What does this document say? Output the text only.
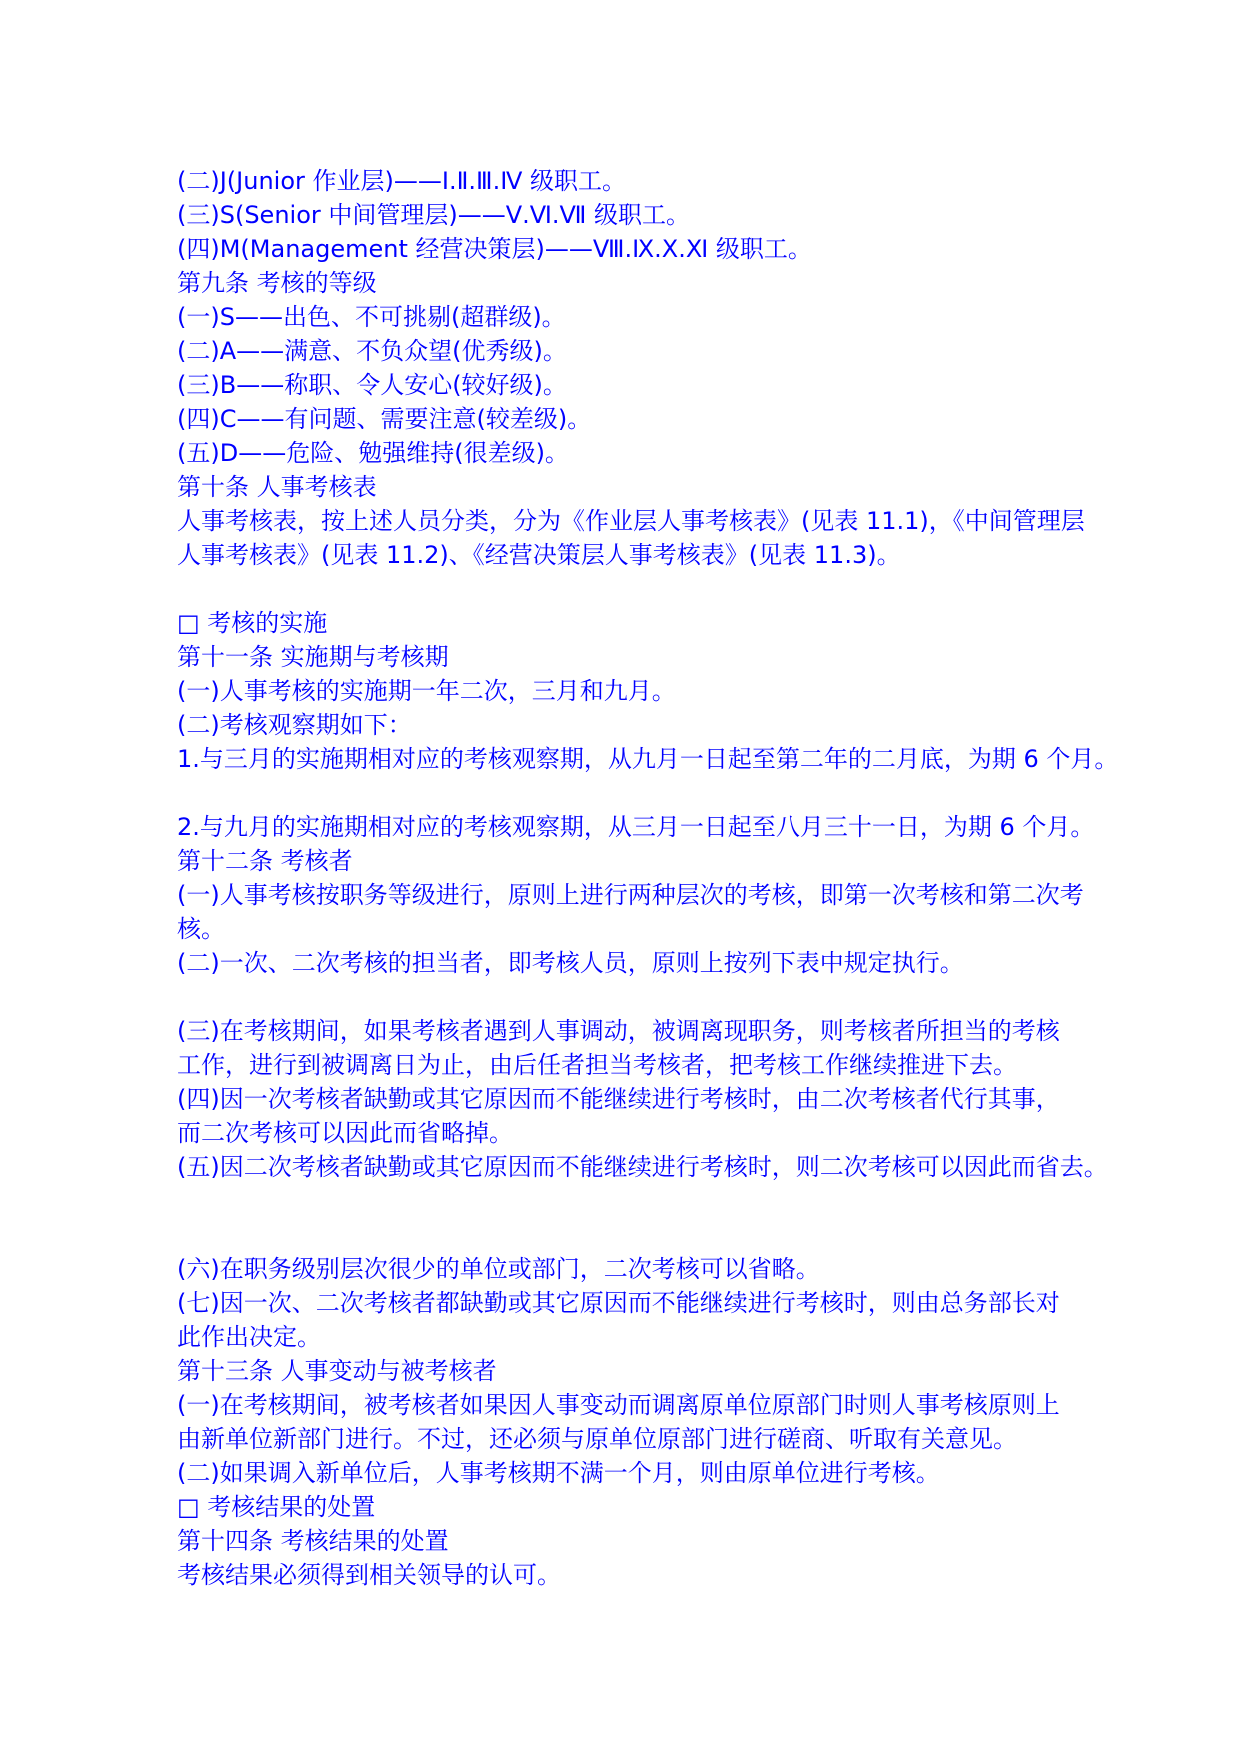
(二)J(Junior 作业层)——Ⅰ.Ⅱ.Ⅲ.Ⅳ 级职工。
(三)S(Senior 中间管理层)——Ⅴ.Ⅵ.Ⅶ 级职工。
(四)M(Management 经营决策层)——Ⅷ.Ⅸ.Ⅹ.Ⅺ 级职工。
第九条 考核的等级
(一)S——出色、不可挑剔(超群级)。
(二)A——满意、不负众望(优秀级)。
(三)B——称职、令人安心(较好级)。
(四)C——有问题、需要注意(较差级)。
(五)D——危险、勉强维持(很差级)。
第十条 人事考核表
人事考核表，按上述人员分类，分为《作业层人事考核表》(见表 11.1)，《中间管理层
人事考核表》(见表 11.2)、《经营决策层人事考核表》(见表 11.3)。
□ 考核的实施
第十一条 实施期与考核期
(一)人事考核的实施期一年二次，三月和九月。
(二)考核观察期如下：
1.与三月的实施期相对应的考核观察期，从九月一日起至第二年的二月底，为期 6 个月。
2.与九月的实施期相对应的考核观察期，从三月一日起至八月三十一日，为期 6 个月。
第十二条 考核者
(一)人事考核按职务等级进行，原则上进行两种层次的考核，即第一次考核和第二次考
核。
(二)一次、二次考核的担当者，即考核人员，原则上按列下表中规定执行。
(三)在考核期间，如果考核者遇到人事调动，被调离现职务，则考核者所担当的考核
工作，进行到被调离日为止，由后任者担当考核者，把考核工作继续推进下去。
(四)因一次考核者缺勤或其它原因而不能继续进行考核时，由二次考核者代行其事，
而二次考核可以因此而省略掉。
(五)因二次考核者缺勤或其它原因而不能继续进行考核时，则二次考核可以因此而省去。
(六)在职务级别层次很少的单位或部门，二次考核可以省略。
(七)因一次、二次考核者都缺勤或其它原因而不能继续进行考核时，则由总务部长对
此作出决定。
第十三条 人事变动与被考核者
(一)在考核期间，被考核者如果因人事变动而调离原单位原部门时则人事考核原则上
由新单位新部门进行。不过，还必须与原单位原部门进行磋商、听取有关意见。
(二)如果调入新单位后，人事考核期不满一个月，则由原单位进行考核。
□ 考核结果的处置
第十四条 考核结果的处置
考核结果必须得到相关领导的认可。
